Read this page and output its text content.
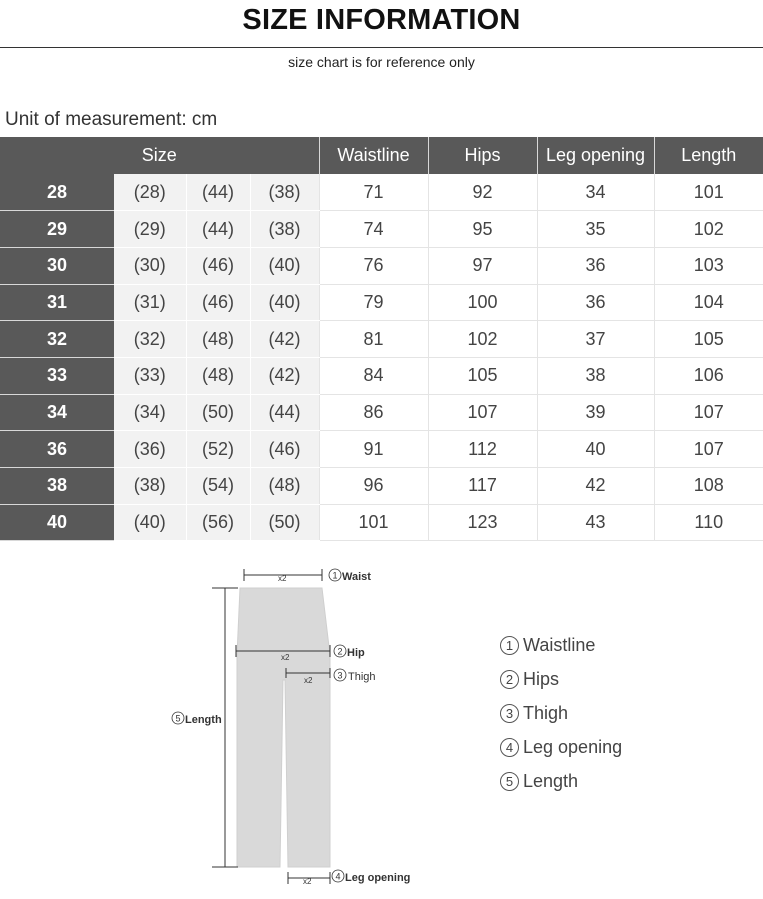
SIZE INFORMATION
size chart is for reference only
Unit of measurement: cm
Size				Waistline	Hips	Leg opening	Length
28	(28)	(44)	(38)	71	92	34	101
29	(29)	(44)	(38)	74	95	35	102
30	(30)	(46)	(40)	76	97	36	103
31	(31)	(46)	(40)	79	100	36	104
32	(32)	(48)	(42)	81	102	37	105
33	(33)	(48)	(42)	84	105	38	106
34	(34)	(50)	(44)	86	107	39	107
36	(36)	(52)	(46)	91	112	40	107
38	(38)	(54)	(48)	96	117	42	108
40	(40)	(56)	(50)	101	123	43	110
x2	1 Waist
x2
2 Hip
x2	3 Thigh
5 Length
x2	4 Leg opening
1 Waistline
2 Hips
3 Thigh
4 Leg opening
5 Length
